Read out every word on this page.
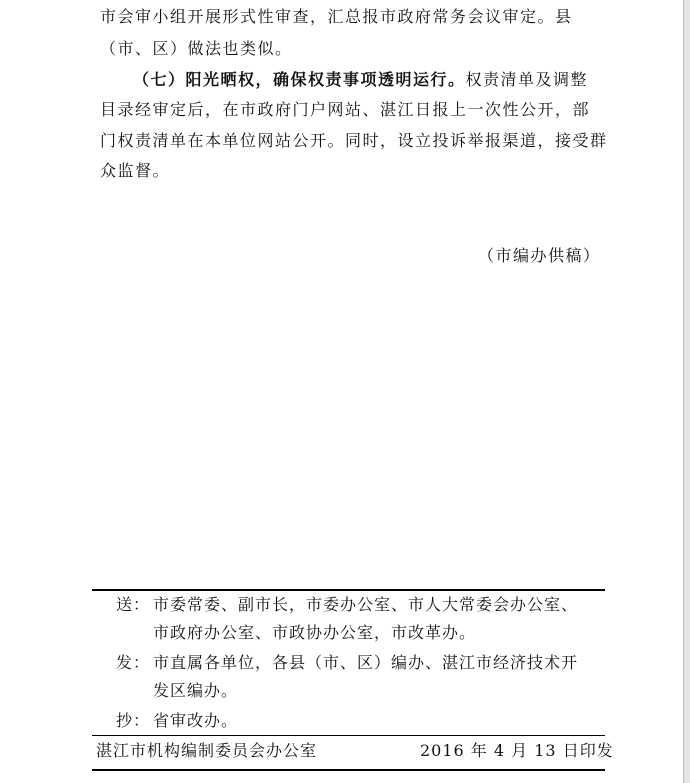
市会审小组开展形式性审查，汇总报市政府常务会议审定。县
（市、区）做法也类似。
（七）阳光晒权，确保权责事项透明运行。权责清单及调整
目录经审定后，在市政府门户网站、湛江日报上一次性公开，部
门权责清单在本单位网站公开。同时，设立投诉举报渠道，接受群
众监督。
（市编办供稿）
送： 市委常委、副市长，市委办公室、市人大常委会办公室、
市政府办公室、市政协办公室，市改革办。
发： 市直属各单位，各县（市、区）编办、湛江市经济技术开
发区编办。
抄： 省审改办。
湛江市机构编制委员会办公室	2016 年 4 月 13 日印发
